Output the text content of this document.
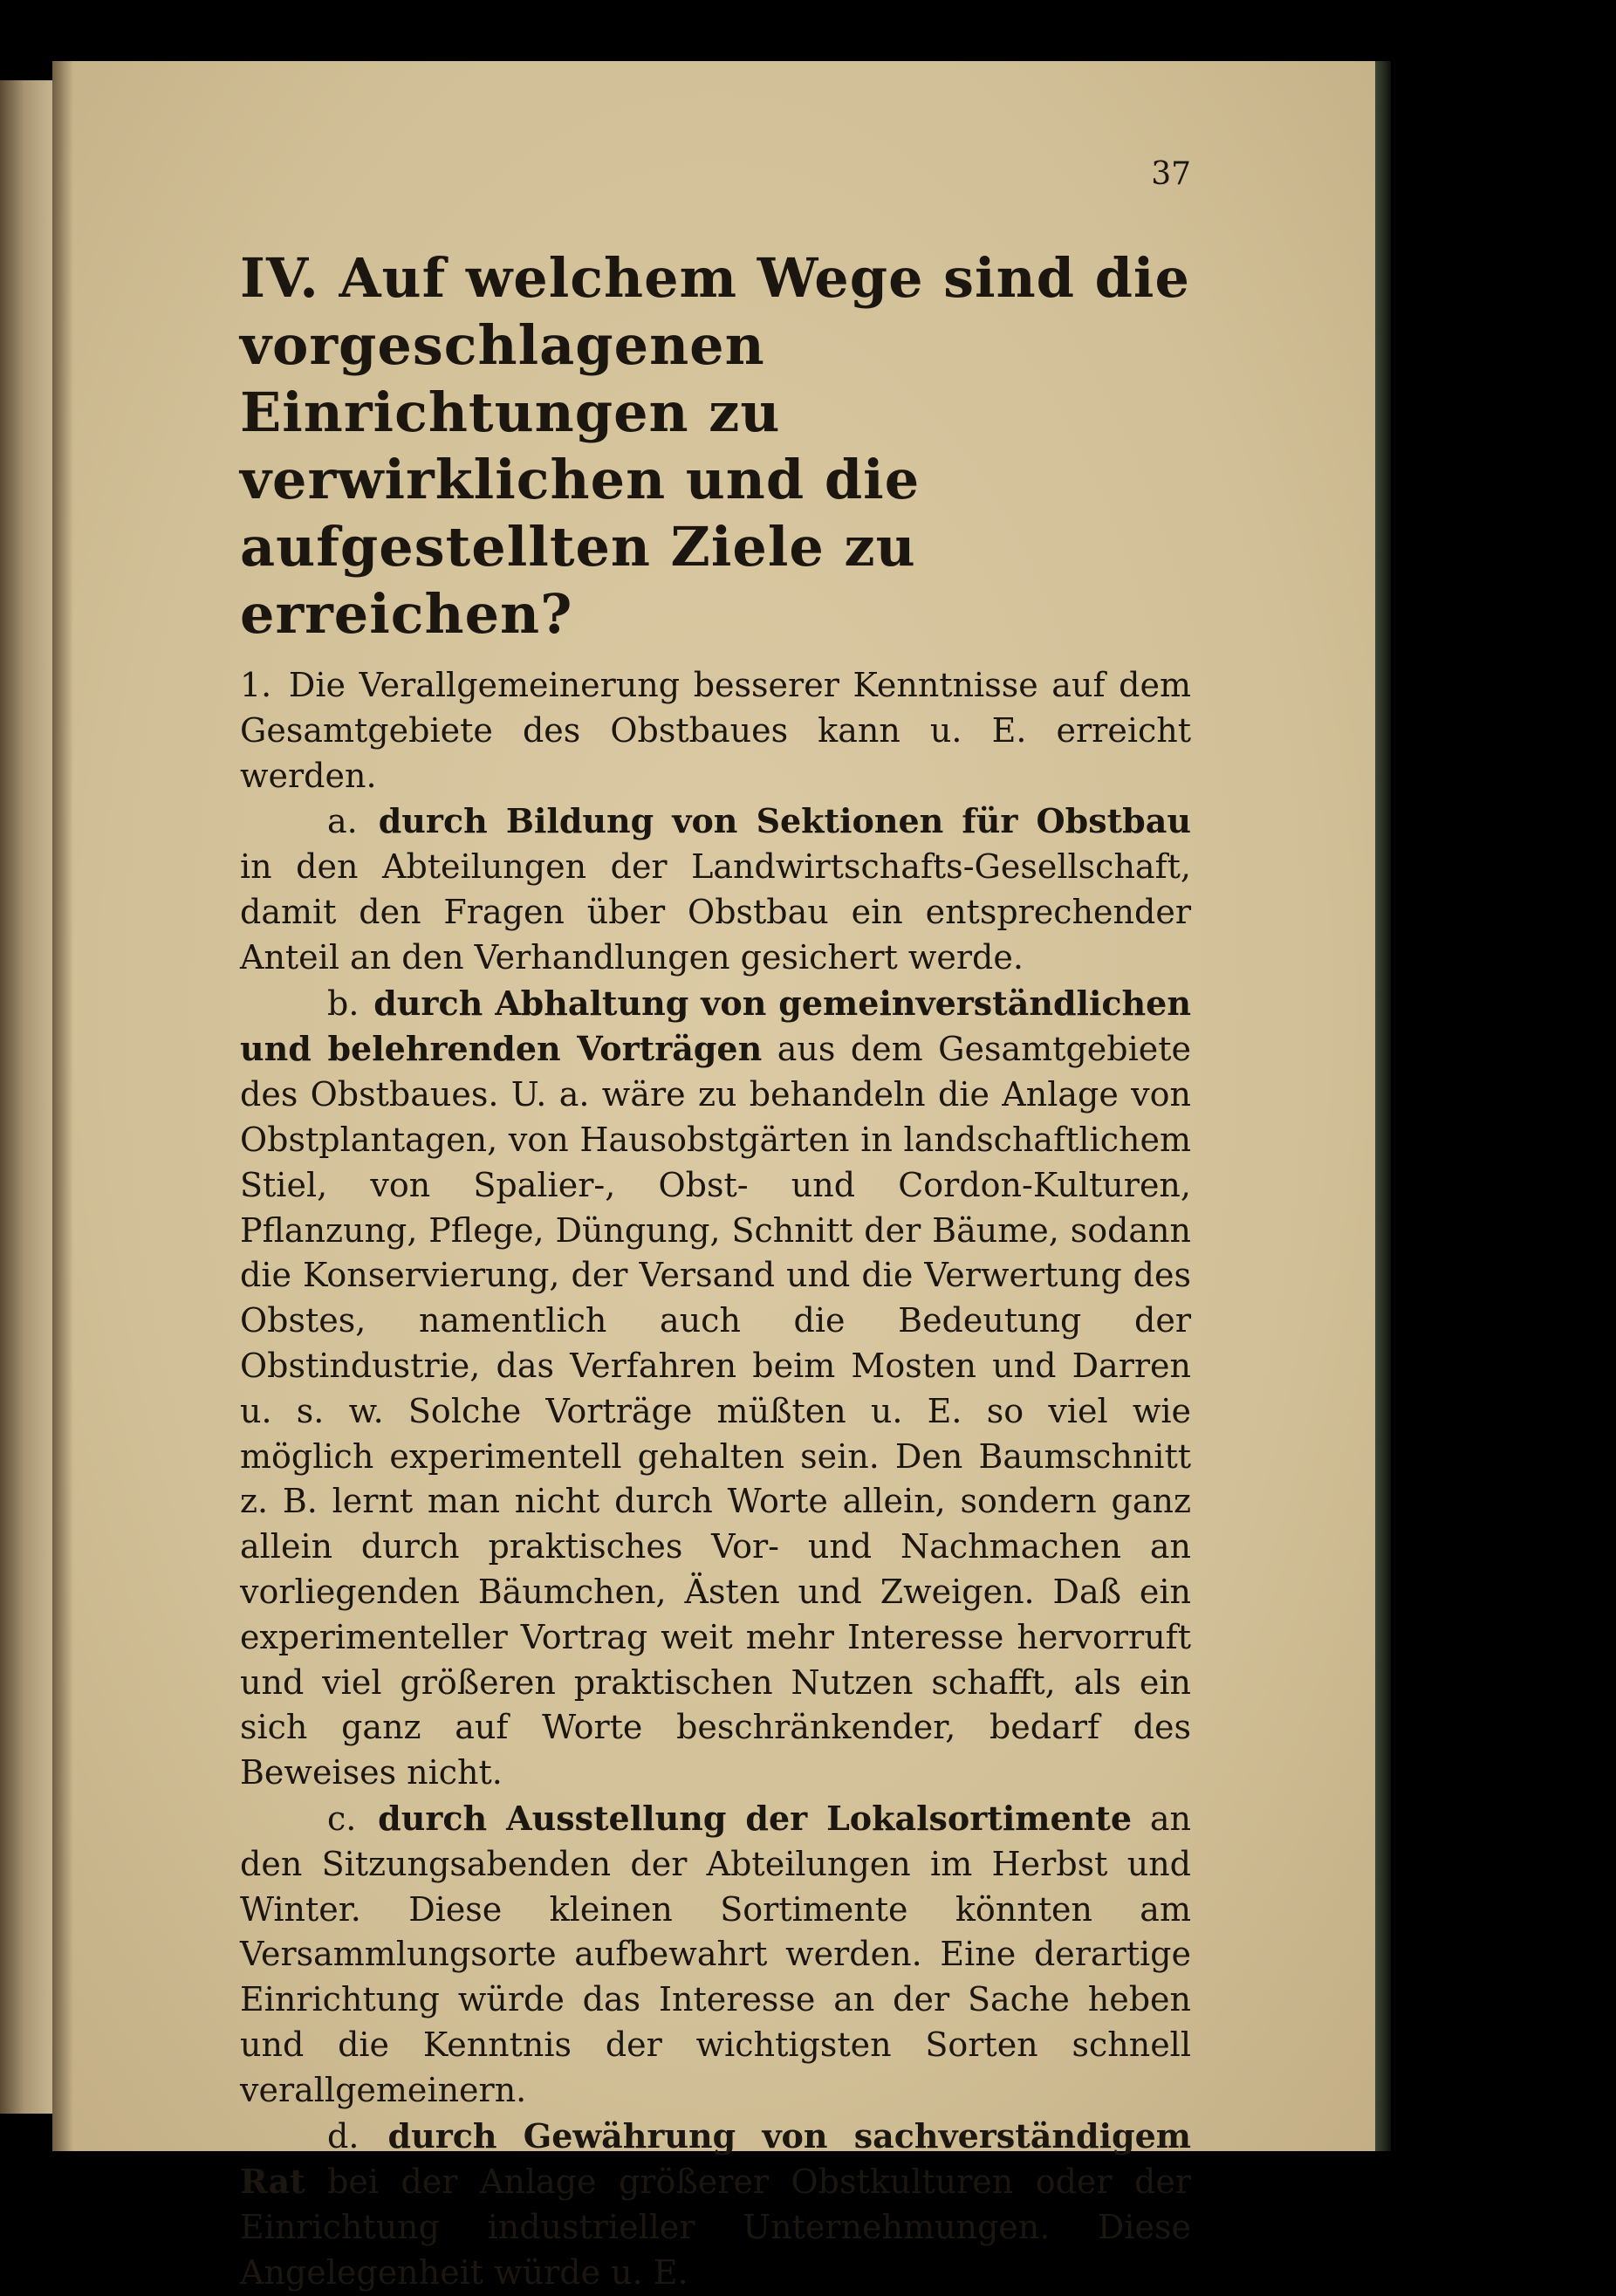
37
IV. Auf welchem Wege sind die vorgeschlagenen Einrichtungen zu verwirklichen und die aufgestellten Ziele zu erreichen?

1. Die Verallgemeinerung besserer Kenntnisse auf dem Gesamtgebiete des Obstbaues kann u. E. erreicht werden.

a. durch Bildung von Sektionen für Obstbau in den Abteilungen der Landwirtschafts-Gesellschaft, damit den Fragen über Obstbau ein entsprechender Anteil an den Verhandlungen gesichert werde.

b. durch Abhaltung von gemeinverständlichen und belehrenden Vorträgen aus dem Gesamtgebiete des Obstbaues. U. a. wäre zu behandeln die Anlage von Obstplantagen, von Hausobstgärten in landschaftlichem Stiel, von Spalier-, Obst- und Cordon-Kulturen, Pflanzung, Pflege, Düngung, Schnitt der Bäume, sodann die Konservierung, der Versand und die Verwertung des Obstes, namentlich auch die Bedeutung der Obstindustrie, das Verfahren beim Mosten und Darren u. s. w. Solche Vorträge müßten u. E. so viel wie möglich experimentell gehalten sein. Den Baumschnitt z. B. lernt man nicht durch Worte allein, sondern ganz allein durch praktisches Vor- und Nachmachen an vorliegenden Bäumchen, Ästen und Zweigen. Daß ein experimenteller Vortrag weit mehr Interesse hervorruft und viel größeren praktischen Nutzen schafft, als ein sich ganz auf Worte beschränkender, bedarf des Beweises nicht.

c. durch Ausstellung der Lokalsortimente an den Sitzungsabenden der Abteilungen im Herbst und Winter. Diese kleinen Sortimente könnten am Versammlungsorte aufbewahrt werden. Eine derartige Einrichtung würde das Interesse an der Sache heben und die Kenntnis der wichtigsten Sorten schnell verallgemeinern.

d. durch Gewährung von sachverständigem Rat bei der Anlage größerer Obstkulturen oder der Einrichtung industrieller Unternehmungen. Diese Angelegenheit würde u. E.
